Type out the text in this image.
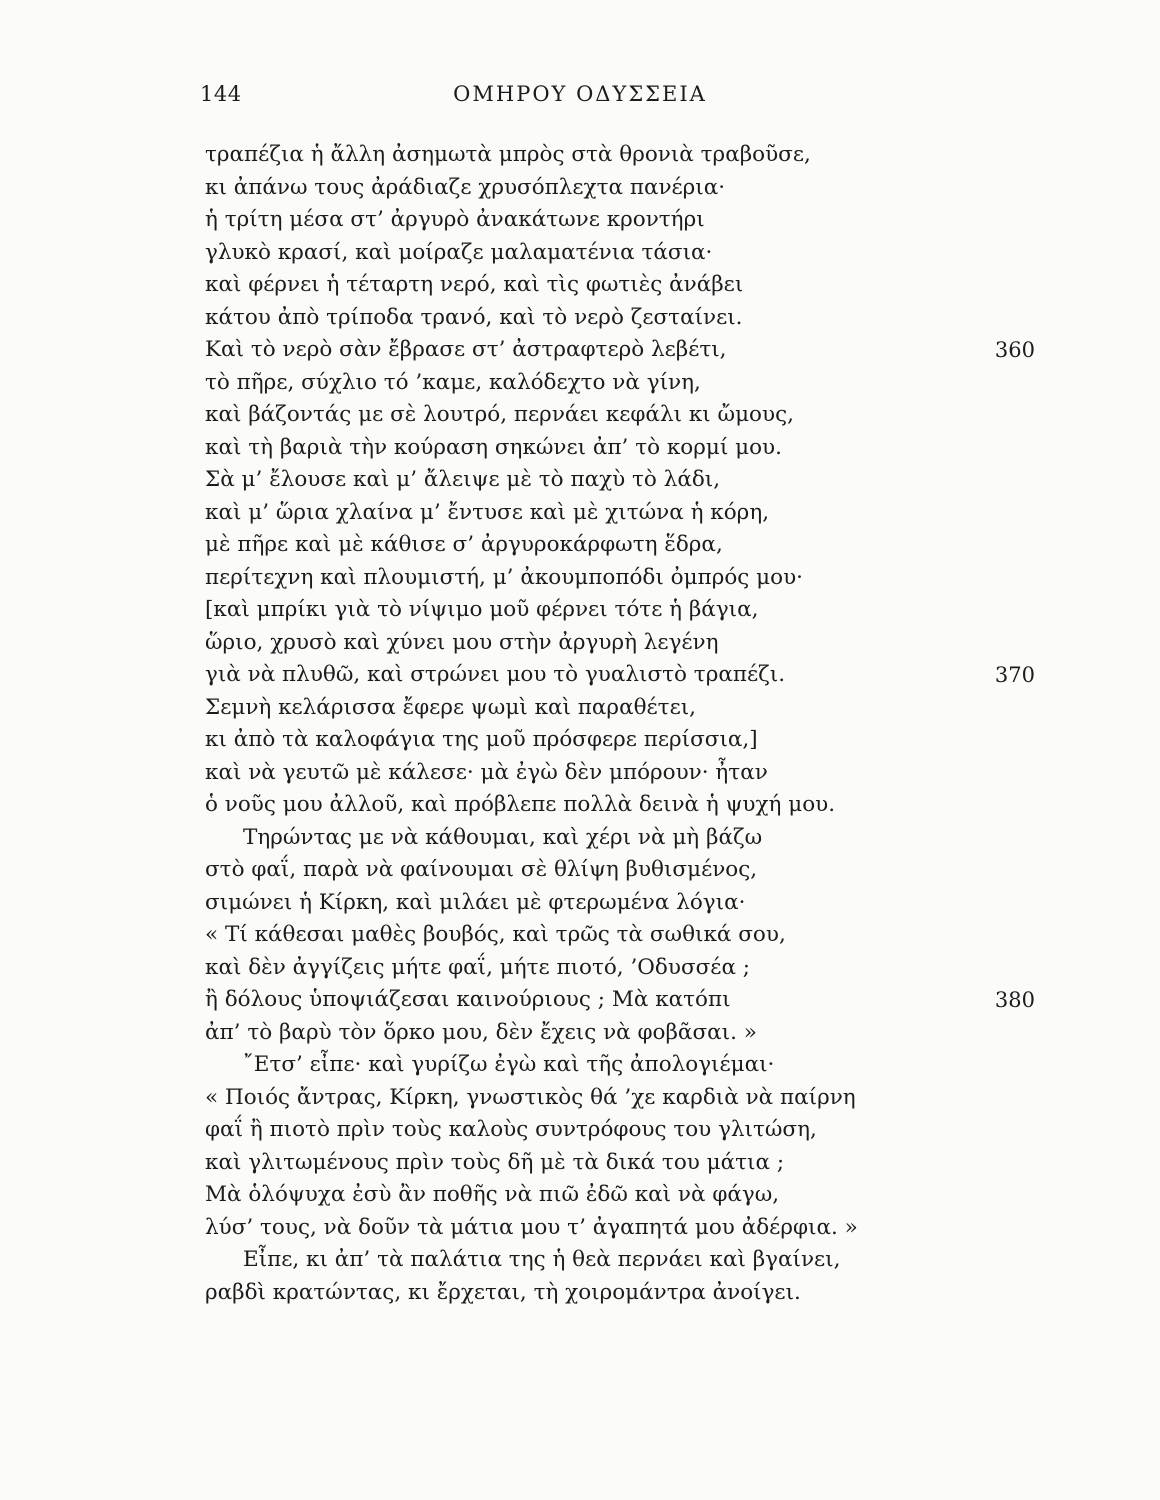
144	ΟΜΗΡΟΥ ΟΔΥΣΣΕΙΑ
τραπέζια ἡ ἄλλη ἀσημωτὰ μπρὸς στὰ θρονιὰ τραβοῦσε,
κι ἀπάνω τους ἀράδιαζε χρυσόπλεχτα πανέρια·
ἡ τρίτη μέσα στ’ ἀργυρὸ ἀνακάτωνε κροντήρι
γλυκὸ κρασί, καὶ μοίραζε μαλαματένια τάσια·
καὶ φέρνει ἡ τέταρτη νερό, καὶ τὶς φωτιὲς ἀνάβει
κάτου ἀπὸ τρίποδα τρανό, καὶ τὸ νερὸ ζεσταίνει.
Καὶ τὸ νερὸ σὰν ἔβρασε στ’ ἀστραφτερὸ λεβέτι,	360
τὸ πῆρε, σύχλιο τό ’καμε, καλόδεχτο νὰ γίνη,
καὶ βάζοντάς με σὲ λουτρό, περνάει κεφάλι κι ὤμους,
καὶ τὴ βαριὰ τὴν κούραση σηκώνει ἀπ’ τὸ κορμί μου.
Σὰ μ’ ἔλουσε καὶ μ’ ἄλειψε μὲ τὸ παχὺ τὸ λάδι,
καὶ μ’ ὥρια χλαίνα μ’ ἔντυσε καὶ μὲ χιτώνα ἡ κόρη,
μὲ πῆρε καὶ μὲ κάθισε σ’ ἀργυροκάρφωτη ἕδρα,
περίτεχνη καὶ πλουμιστή, μ’ ἀκουμποπόδι ὀμπρός μου·
[καὶ μπρίκι γιὰ τὸ νίψιμο μοῦ φέρνει τότε ἡ βάγια,
ὥριο, χρυσὸ καὶ χύνει μου στὴν ἀργυρὴ λεγένη
γιὰ νὰ πλυθῶ, καὶ στρώνει μου τὸ γυαλιστὸ τραπέζι.	370
Σεμνὴ κελάρισσα ἔφερε ψωμὶ καὶ παραθέτει,
κι ἀπὸ τὰ καλοφάγια της μοῦ πρόσφερε περίσσια,]
καὶ νὰ γευτῶ μὲ κάλεσε· μὰ ἐγὼ δὲν μπόρουν· ἦταν
ὁ νοῦς μου ἀλλοῦ, καὶ πρόβλεπε πολλὰ δεινὰ ἡ ψυχή μου.
Τηρώντας με νὰ κάθουμαι, καὶ χέρι νὰ μὴ βάζω
στὸ φαΐ, παρὰ νὰ φαίνουμαι σὲ θλίψη βυθισμένος,
σιμώνει ἡ Κίρκη, καὶ μιλάει μὲ φτερωμένα λόγια·
« Τί κάθεσαι μαθὲς βουβός, καὶ τρῶς τὰ σωθικά σου,
καὶ δὲν ἀγγίζεις μήτε φαΐ, μήτε πιοτό, ’Οδυσσέα ;
ἢ δόλους ὑποψιάζεσαι καινούριους ; Μὰ κατόπι	380
ἀπ’ τὸ βαρὺ τὸν ὅρκο μου, δὲν ἔχεις νὰ φοβᾶσαι. »
῎Ετσ’ εἶπε· καὶ γυρίζω ἐγὼ καὶ τῆς ἀπολογιέμαι·
« Ποιός ἄντρας, Κίρκη, γνωστικὸς θά ’χε καρδιὰ νὰ παίρνη
φαΐ ἢ πιοτὸ πρὶν τοὺς καλοὺς συντρόφους του γλιτώση,
καὶ γλιτωμένους πρὶν τοὺς δῆ μὲ τὰ δικά του μάτια ;
Μὰ ὁλόψυχα ἐσὺ ἂν ποθῆς νὰ πιῶ ἐδῶ καὶ νὰ φάγω,
λύσ’ τους, νὰ δοῦν τὰ μάτια μου τ’ ἀγαπητά μου ἀδέρφια. »
Εἶπε, κι ἀπ’ τὰ παλάτια της ἡ θεὰ περνάει καὶ βγαίνει,
ραβδὶ κρατώντας, κι ἔρχεται, τὴ χοιρομάντρα ἀνοίγει.
